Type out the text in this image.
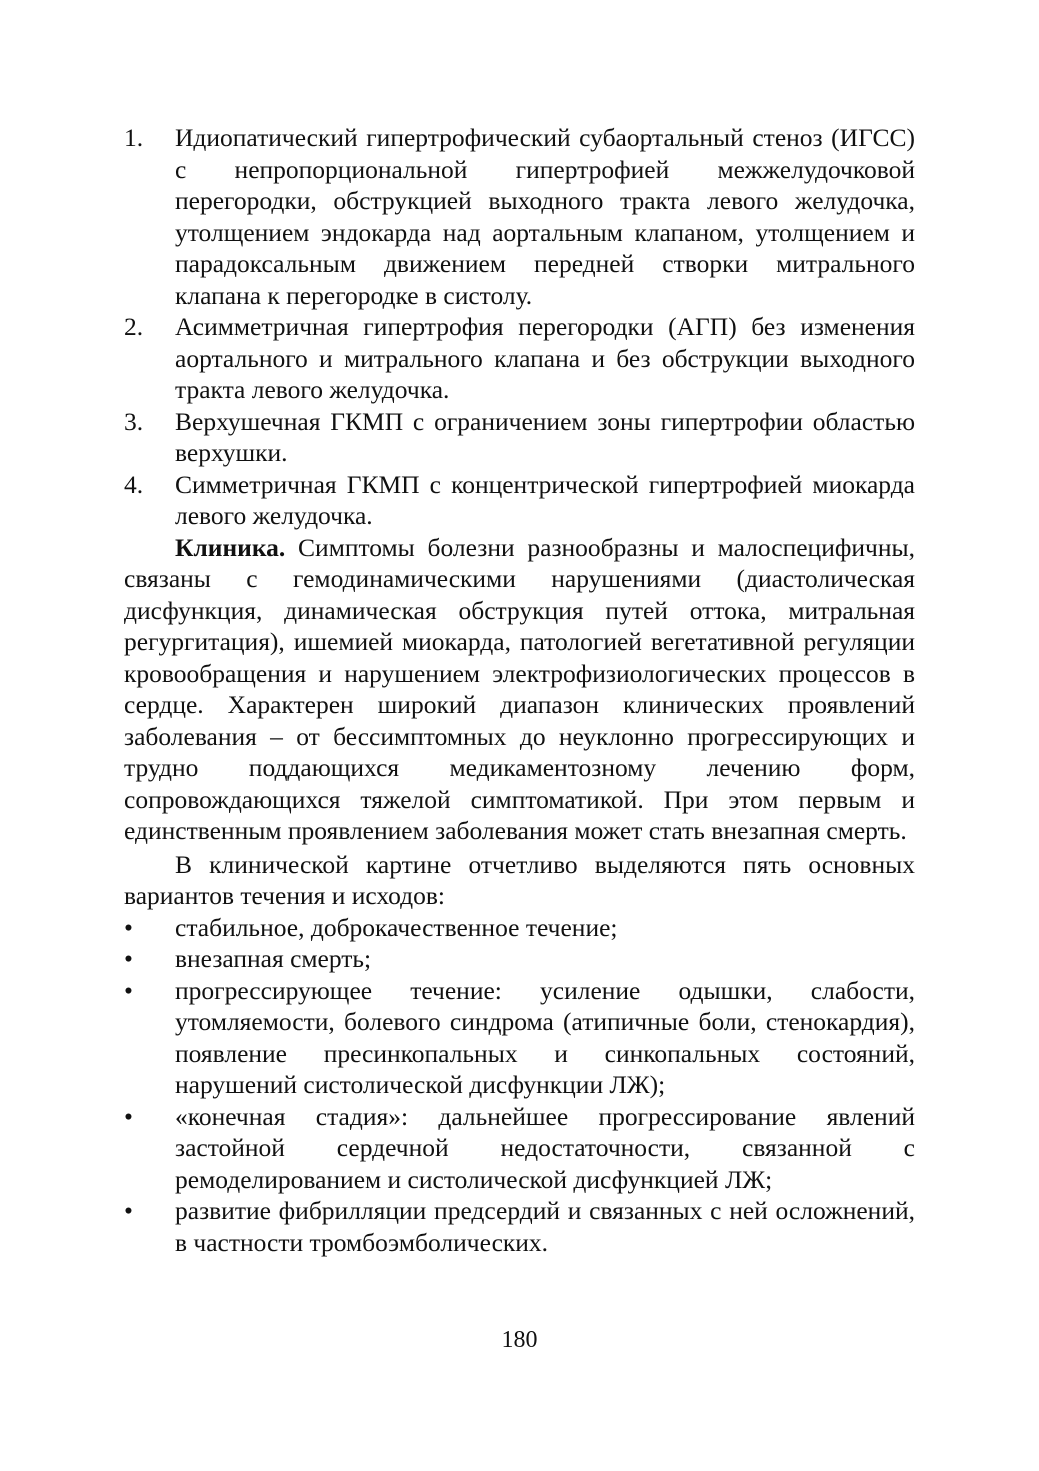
1. Идиопатический гипертрофический субаортальный стеноз (ИГСС) с непропорциональной гипертрофией межжелудочковой перегородки, обструкцией выходного тракта левого желудочка, утолщением эндокарда над аортальным клапаном, утолщением и парадоксальным движением передней створки митрального клапана к перегородке в систолу.
2. Асимметричная гипертрофия перегородки (АГП) без изменения аортального и митрального клапана и без обструкции выходного тракта левого желудочка.
3. Верхушечная ГКМП с ограничением зоны гипертрофии областью верхушки.
4. Симметричная ГКМП с концентрической гипертрофией миокарда левого желудочка.

Клиника. Симптомы болезни разнообразны и малоспецифичны, связаны с гемодинамическими нарушениями (диастолическая дисфункция, динамическая обструкция путей оттока, митральная регургитация), ишемией миокарда, патологией вегетативной регуляции кровообращения и нарушением электрофизиологических процессов в сердце. Характерен широкий диапазон клинических проявлений заболевания – от бессимптомных до неуклонно прогрессирующих и трудно поддающихся медикаментозному лечению форм, сопровождающихся тяжелой симптоматикой. При этом первым и единственным проявлением заболевания может стать внезапная смерть.

В клинической картине отчетливо выделяются пять основных вариантов течения и исходов:

• стабильное, доброкачественное течение;
• внезапная смерть;
• прогрессирующее течение: усиление одышки, слабости, утомляемости, болевого синдрома (атипичные боли, стенокардия), появление пресинкопальных и синкопальных состояний, нарушений систолической дисфункции ЛЖ);
• «конечная стадия»: дальнейшее прогрессирование явлений застойной сердечной недостаточности, связанной с ремоделированием и систолической дисфункцией ЛЖ;
• развитие фибрилляции предсердий и связанных с ней осложнений, в частности тромбоэмболических.
180
